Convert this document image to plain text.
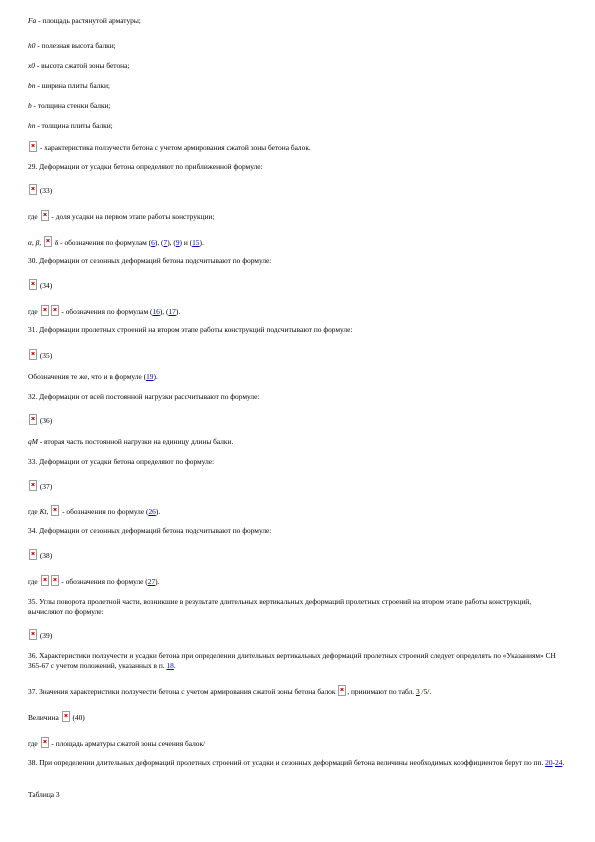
Fa - площадь растянутой арматуры;
h0 - полезная высота балки;
x0 - высота сжатой зоны бетона;
bn - ширина плиты балки;
b - толщина стенки балки;
hn - толщина плиты балки;
- характеристика ползучести бетона с учетом армирования сжатой зоны бетона балок.
29. Деформации от усадки бетона определяют по приближенной формуле:
(33)
где  - доля усадки на первом этапе работы конструкции;
α, β,  δ - обозначения по формулам (6), (7), (9) и (15).
30. Деформации от сезонных деформаций бетона подсчитывают по формуле:
(34)
где	- обозначения по формулам (16), (17).
31. Деформации пролетных строений на втором этапе работы конструкций подсчитывают по формуле:
(35)
Обозначения те же, что и в формуле (19).
32. Деформации от всей постоянной нагрузки рассчитывают по формуле:
(36)
qM - вторая часть постоянной нагрузки на единицу длины балки.
33. Деформации от усадки бетона определяют по формуле:
(37)
где Kt,  - обозначения по формуле (26).
34. Деформации от сезонных деформаций бетона подсчитывают по формуле:
(38)
где	- обозначения по формуле (27).
35. Углы поворота пролетной части, возникшие в результате длительных вертикальных деформаций пролетных строений на втором этапе работы конструкций, вычисляют по формуле:
(39)
36. Характеристики ползучести и усадки бетона при определении длительных вертикальных деформаций пролетных строений следует определять по «Указаниям» СН 365-67 с учетом положений, указанных в п. 18.
37. Значения характеристики ползучести бетона с учетом армирования сжатой зоны бетона балок , принимают по табл. 3 /5/.
Величина  (40)
где  - площадь арматуры сжатой зоны сечения балок/
38. При определении длительных деформаций пролетных строений от усадки и сезонных деформаций бетона величины необходимых коэффициентов берут по пп. 20-24.
Таблица 3
